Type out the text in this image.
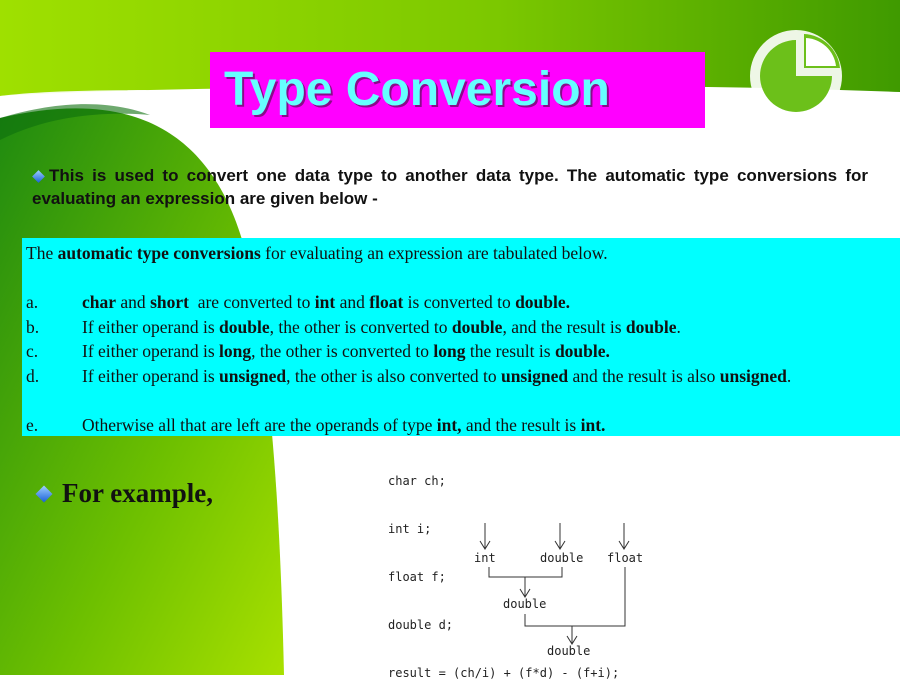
Type Conversion
This is used to convert one data type to another data type. The automatic type conversions for evaluating an expression are given below -
The automatic type conversions for evaluating an expression are tabulated below.
a.	char and short  are converted to int and float is converted to double.
b. If either operand is double, the other is converted to double, and the result is double.
c.	If either operand is long, the other is converted to long the result is double.
d. If either operand is unsigned, the other is also converted to unsigned and the result is also unsigned.
e.	Otherwise all that are left are the operands of type int, and the result is int.
For example,

	char ch;

int i;

float f;

double d;

result = (ch/i) + (f*d) - (f+i);

int	double float
double
double
